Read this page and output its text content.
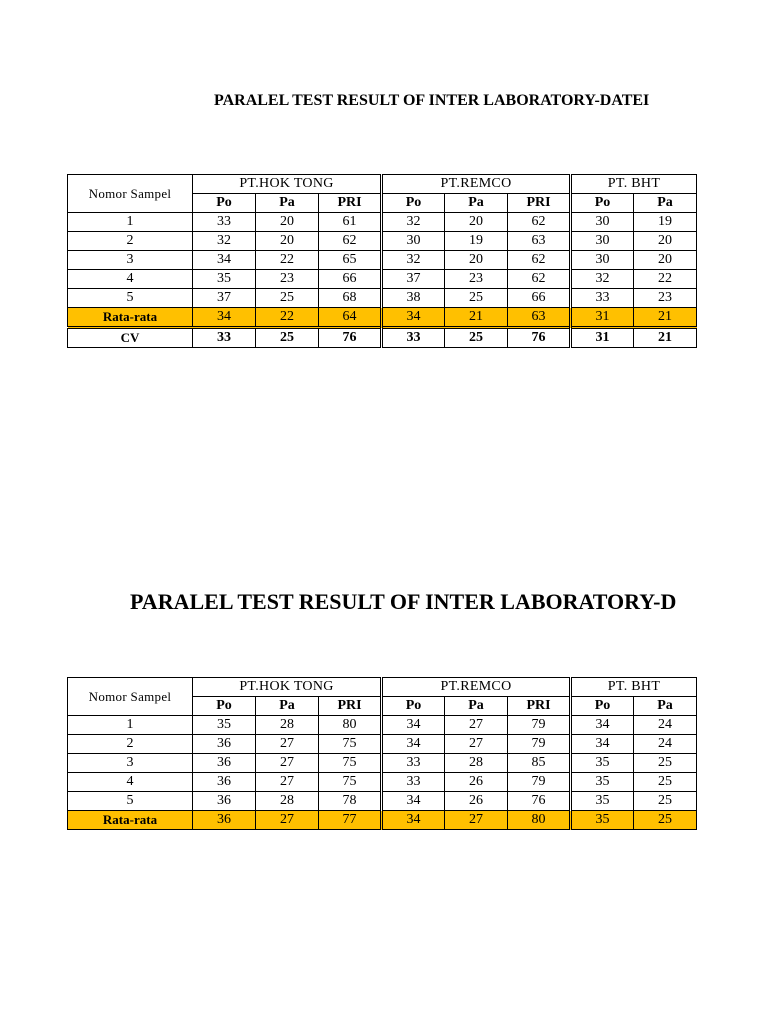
PARALEL TEST RESULT OF INTER LABORATORY-DATEI
Nomor Sampel	PT.HOK TONG			PT.REMCO			PT. BHT	
	Po	Pa	PRI	Po	Pa	PRI	Po	Pa
1	33	20	61	32	20	62	30	19
2	32	20	62	30	19	63	30	20
3	34	22	65	32	20	62	30	20
4	35	23	66	37	23	62	32	22
5	37	25	68	38	25	66	33	23
Rata-rata	34	22	64	34	21	63	31	21
CV	33	25	76	33	25	76	31	21
PARALEL TEST RESULT OF INTER LABORATORY-D
Nomor Sampel	PT.HOK TONG			PT.REMCO			PT. BHT	
	Po	Pa	PRI	Po	Pa	PRI	Po	Pa
1	35	28	80	34	27	79	34	24
2	36	27	75	34	27	79	34	24
3	36	27	75	33	28	85	35	25
4	36	27	75	33	26	79	35	25
5	36	28	78	34	26	76	35	25
Rata-rata	36	27	77	34	27	80	35	25
